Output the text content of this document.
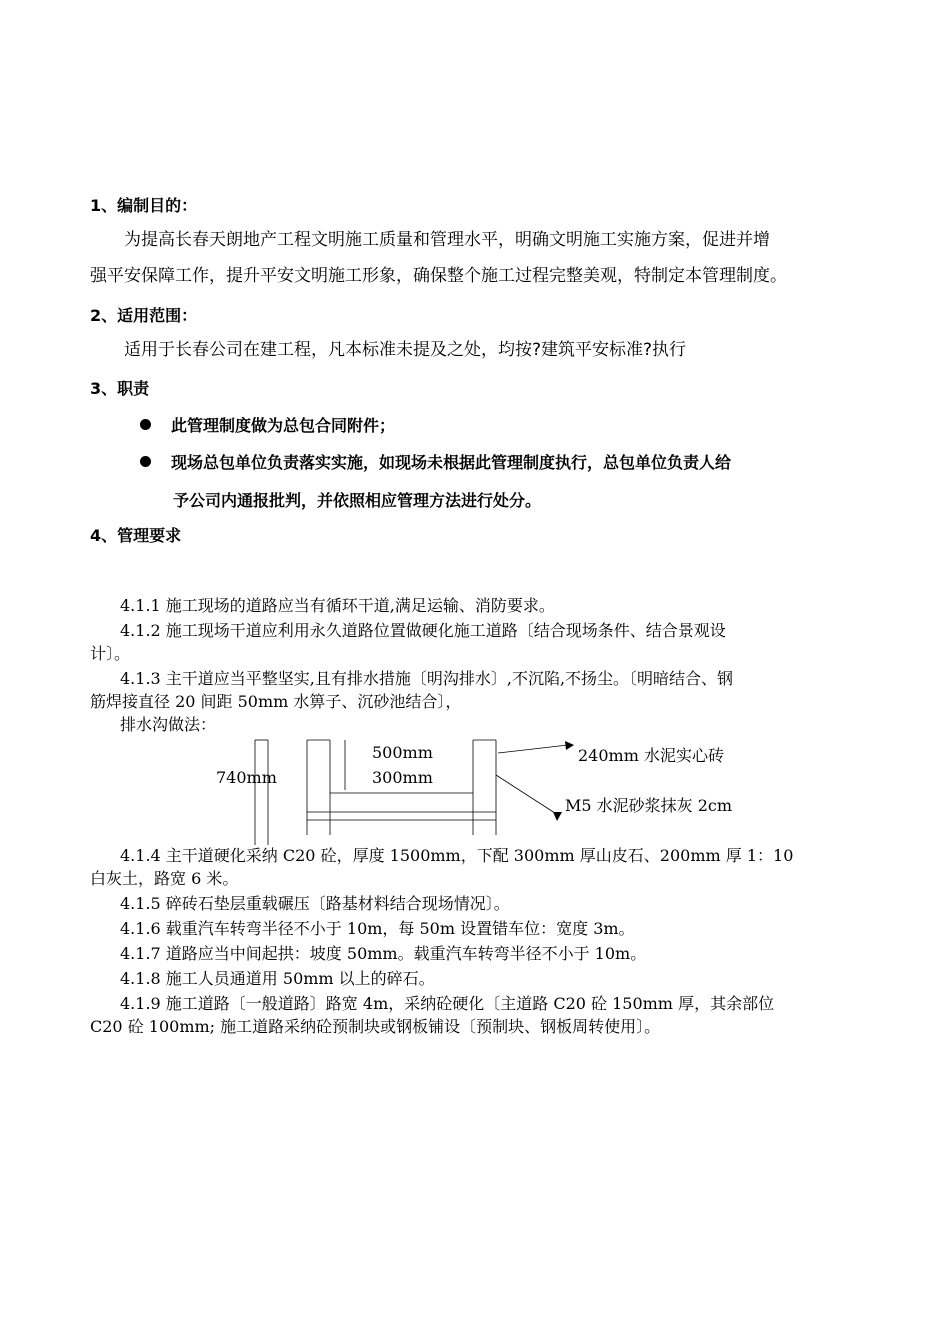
1、编制目的：
为提高长春天朗地产工程文明施工质量和管理水平，明确文明施工实施方案，促进并增
强平安保障工作，提升平安文明施工形象，确保整个施工过程完整美观，特制定本管理制度。
2、适用范围：
适用于长春公司在建工程，凡本标准未提及之处，均按?建筑平安标准?执行
3、职责
此管理制度做为总包合同附件；
现场总包单位负责落实实施，如现场未根据此管理制度执行，总包单位负责人给
予公司内通报批判，并依照相应管理方法进行处分。
4、管理要求
4.1.1 施工现场的道路应当有循环干道,满足运输、消防要求。
4.1.2 施工现场干道应利用永久道路位置做硬化施工道路〔结合现场条件、结合景观设
计〕。
4.1.3 主干道应当平整坚实,且有排水措施〔明沟排水〕,不沉陷,不扬尘。〔明暗结合、钢
筋焊接直径 20 间距 50mm 水箅子、沉砂池结合〕，
排水沟做法：
500mm
300mm
740mm
240mm 水泥实心砖
M5 水泥砂浆抹灰 2cm
4.1.4 主干道硬化采纳 C20 砼，厚度 1500mm，下配 300mm 厚山皮石、200mm 厚 1：10
白灰土，路宽 6 米。
4.1.5 碎砖石垫层重载碾压〔路基材料结合现场情况〕。
4.1.6 载重汽车转弯半径不小于 10m，每 50m 设置错车位：宽度 3m。
4.1.7 道路应当中间起拱：坡度 50mm。载重汽车转弯半径不小于 10m。
4.1.8 施工人员通道用 50mm 以上的碎石。
4.1.9 施工道路〔一般道路〕路宽 4m，采纳砼硬化〔主道路 C20 砼 150mm 厚，其余部位
C20 砼 100mm; 施工道路采纳砼预制块或钢板铺设〔预制块、钢板周转使用〕。
